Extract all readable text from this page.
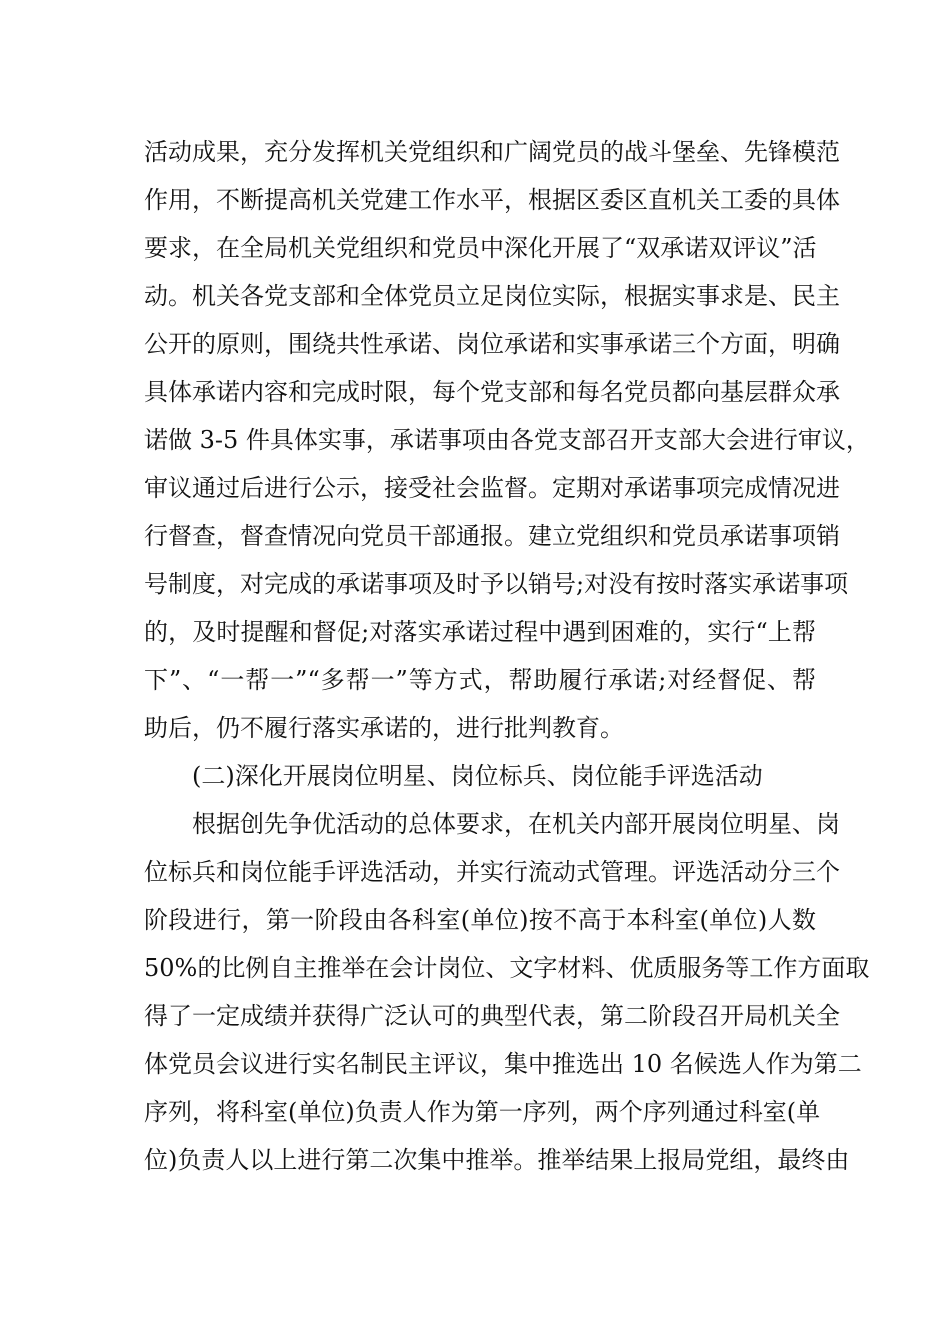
活动成果，充分发挥机关党组织和广阔党员的战斗堡垒、先锋模范
作用，不断提高机关党建工作水平，根据区委区直机关工委的具体
要求，在全局机关党组织和党员中深化开展了“双承诺双评议”活
动。机关各党支部和全体党员立足岗位实际，根据实事求是、民主
公开的原则，围绕共性承诺、岗位承诺和实事承诺三个方面，明确
具体承诺内容和完成时限，每个党支部和每名党员都向基层群众承
诺做 3-5 件具体实事，承诺事项由各党支部召开支部大会进行审议，
审议通过后进行公示，接受社会监督。定期对承诺事项完成情况进
行督查，督查情况向党员干部通报。建立党组织和党员承诺事项销
号制度，对完成的承诺事项及时予以销号;对没有按时落实承诺事项
的，及时提醒和督促;对落实承诺过程中遇到困难的，实行“上帮
下”、“一帮一”“多帮一”等方式，帮助履行承诺;对经督促、帮
助后，仍不履行落实承诺的，进行批判教育。
(二)深化开展岗位明星、岗位标兵、岗位能手评选活动
根据创先争优活动的总体要求，在机关内部开展岗位明星、岗
位标兵和岗位能手评选活动，并实行流动式管理。评选活动分三个
阶段进行，第一阶段由各科室(单位)按不高于本科室(单位)人数
50%的比例自主推举在会计岗位、文字材料、优质服务等工作方面取
得了一定成绩并获得广泛认可的典型代表，第二阶段召开局机关全
体党员会议进行实名制民主评议，集中推选出 10 名候选人作为第二
序列，将科室(单位)负责人作为第一序列，两个序列通过科室(单
位)负责人以上进行第二次集中推举。推举结果上报局党组，最终由
